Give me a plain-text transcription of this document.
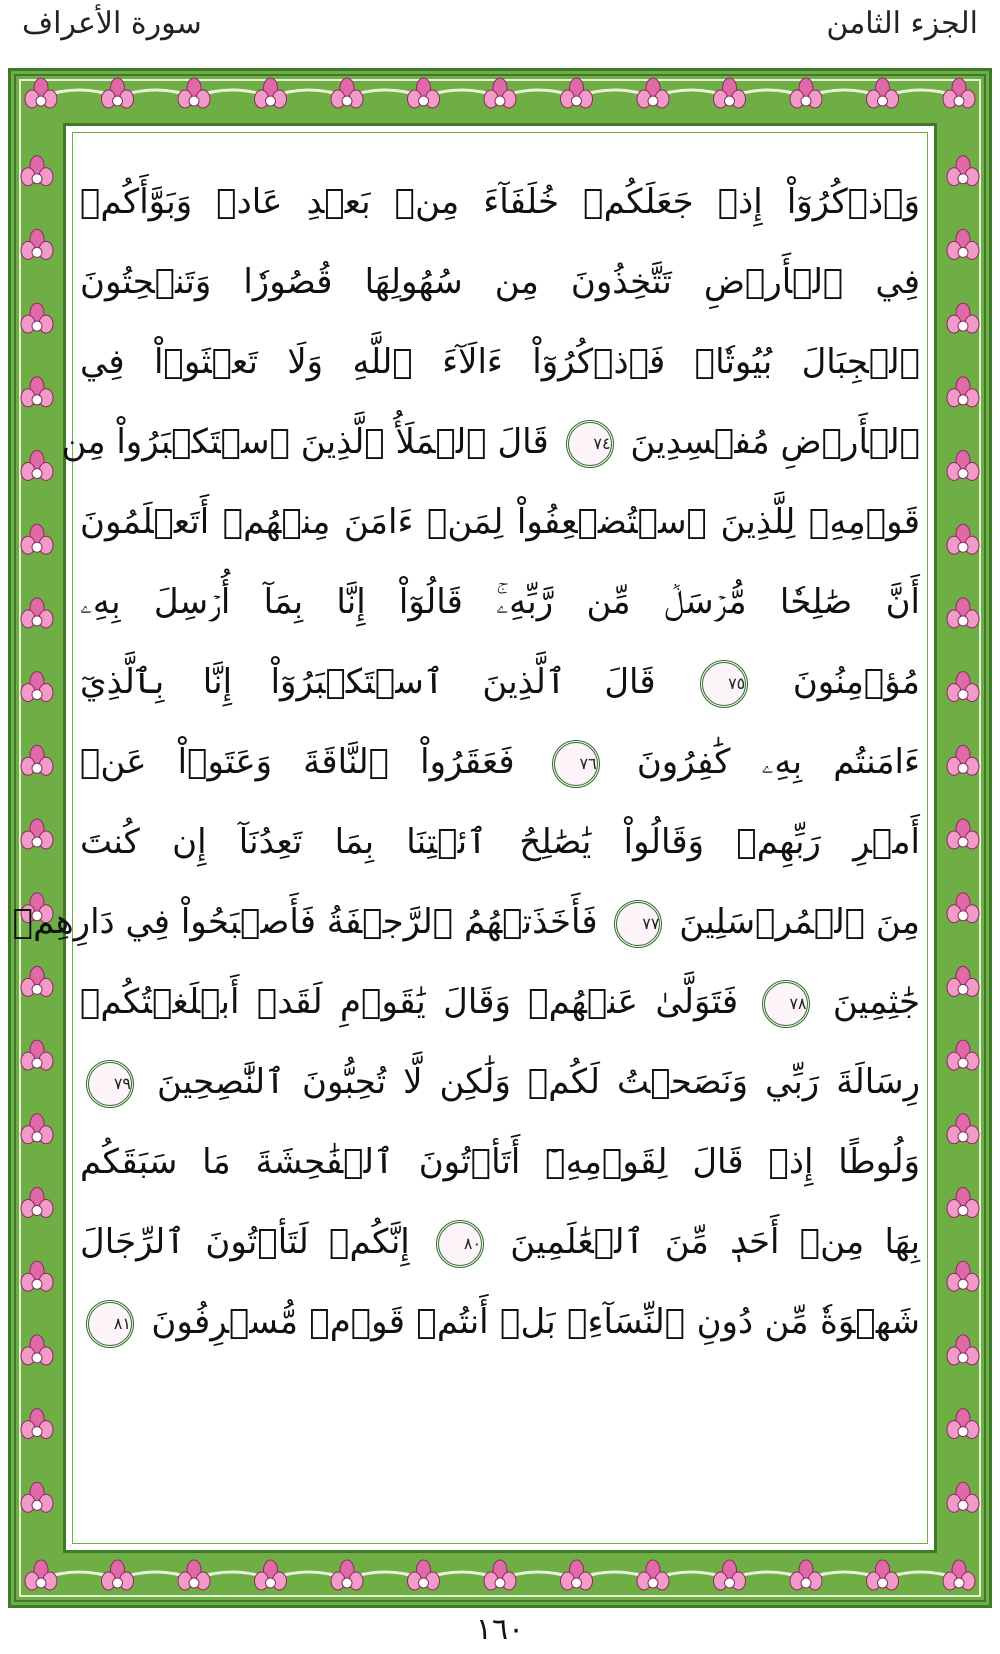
الجزء الثامن
سورة الأعراف
وَٱذۡكُرُوٓاْ إِذۡ جَعَلَكُمۡ خُلَفَآءَ مِنۢ بَعۡدِ عَادٖ وَبَوَّأَكُمۡ
فِي ٱلۡأَرۡضِ تَتَّخِذُونَ مِن سُهُولِهَا قُصُورٗا وَتَنۡحِتُونَ
ٱلۡجِبَالَ بُيُوتٗاۖ فَٱذۡكُرُوٓاْ ءَالَآءَ ٱللَّهِ وَلَا تَعۡثَوۡاْ فِي
ٱلۡأَرۡضِ مُفۡسِدِينَ ٧٤ قَالَ ٱلۡمَلَأُ ٱلَّذِينَ ٱسۡتَكۡبَرُواْ مِن
قَوۡمِهِۦ لِلَّذِينَ ٱسۡتُضۡعِفُواْ لِمَنۡ ءَامَنَ مِنۡهُمۡ أَتَعۡلَمُونَ
أَنَّ صَٰلِحٗا مُّرۡسَلٞ مِّن رَّبِّهِۦۚ قَالُوٓاْ إِنَّا بِمَآ أُرۡسِلَ بِهِۦ
مُؤۡمِنُونَ ٧٥ قَالَ ٱلَّذِينَ ٱسۡتَكۡبَرُوٓاْ إِنَّا بِٱلَّذِيٓ
ءَامَنتُم بِهِۦ كَٰفِرُونَ ٧٦ فَعَقَرُواْ ٱلنَّاقَةَ وَعَتَوۡاْ عَنۡ
أَمۡرِ رَبِّهِمۡ وَقَالُواْ يَٰصَٰلِحُ ٱئۡتِنَا بِمَا تَعِدُنَآ إِن كُنتَ
مِنَ ٱلۡمُرۡسَلِينَ ٧٧ فَأَخَذَتۡهُمُ ٱلرَّجۡفَةُ فَأَصۡبَحُواْ فِي دَارِهِمۡ
جَٰثِمِينَ ٧٨ فَتَوَلَّىٰ عَنۡهُمۡ وَقَالَ يَٰقَوۡمِ لَقَدۡ أَبۡلَغۡتُكُمۡ
رِسَالَةَ رَبِّي وَنَصَحۡتُ لَكُمۡ وَلَٰكِن لَّا تُحِبُّونَ ٱلنَّٰصِحِينَ ٧٩
وَلُوطًا إِذۡ قَالَ لِقَوۡمِهِۦٓ أَتَأۡتُونَ ٱلۡفَٰحِشَةَ مَا سَبَقَكُم
بِهَا مِنۡ أَحَدٖ مِّنَ ٱلۡعَٰلَمِينَ ٨٠ إِنَّكُمۡ لَتَأۡتُونَ ٱلرِّجَالَ
شَهۡوَةٗ مِّن دُونِ ٱلنِّسَآءِۚ بَلۡ أَنتُمۡ قَوۡمٞ مُّسۡرِفُونَ ٨١
١٦٠
